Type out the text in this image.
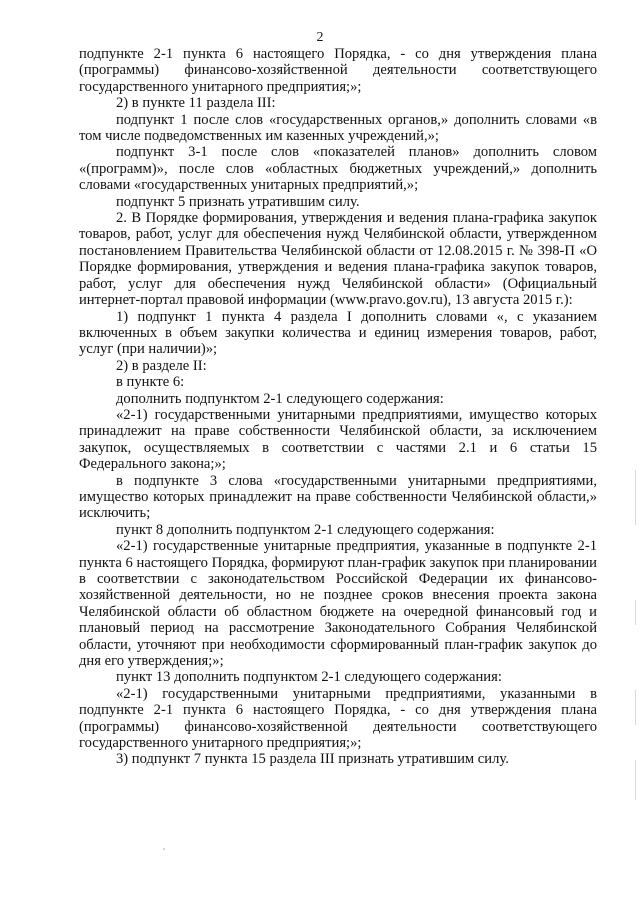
2

подпункте 2-1 пункта 6 настоящего Порядка, - со дня утверждения плана (программы) финансово-хозяйственной деятельности соответствующего государственного унитарного предприятия;»;

2) в пункте 11 раздела III:

подпункт 1 после слов «государственных органов,» дополнить словами «в том числе подведомственных им казенных учреждений,»;

подпункт 3-1 после слов «показателей планов» дополнить словом «(программ)», после слов «областных бюджетных учреждений,» дополнить словами «государственных унитарных предприятий,»;

подпункт 5 признать утратившим силу.

2. В Порядке формирования, утверждения и ведения плана-графика закупок товаров, работ, услуг для обеспечения нужд Челябинской области, утвержденном постановлением Правительства Челябинской области от 12.08.2015 г. № 398-П «О Порядке формирования, утверждения и ведения плана-графика закупок товаров, работ, услуг для обеспечения нужд Челябинской области» (Официальный интернет-портал правовой информации (www.pravo.gov.ru), 13 августа 2015 г.):

1) подпункт 1 пункта 4 раздела I дополнить словами «, с указанием включенных в объем закупки количества и единиц измерения товаров, работ, услуг (при наличии)»;

2) в разделе II:

в пункте 6:

дополнить подпунктом 2-1 следующего содержания:

«2-1) государственными унитарными предприятиями, имущество которых принадлежит на праве собственности Челябинской области, за исключением закупок, осуществляемых в соответствии с частями 2.1 и 6 статьи 15 Федерального закона;»;

в подпункте 3 слова «государственными унитарными предприятиями, имущество которых принадлежит на праве собственности Челябинской области,» исключить;

пункт 8 дополнить подпунктом 2-1 следующего содержания:

«2-1) государственные унитарные предприятия, указанные в подпункте 2-1 пункта 6 настоящего Порядка, формируют план-график закупок при планировании в соответствии с законодательством Российской Федерации их финансово-хозяйственной деятельности, но не позднее сроков внесения проекта закона Челябинской области об областном бюджете на очередной финансовый год и плановый период на рассмотрение Законодательного Собрания Челябинской области, уточняют при необходимости сформированный план-график закупок до дня его утверждения;»;

пункт 13 дополнить подпунктом 2-1 следующего содержания:

«2-1) государственными унитарными предприятиями, указанными в подпункте 2-1 пункта 6 настоящего Порядка, - со дня утверждения плана (программы) финансово-хозяйственной деятельности соответствующего государственного унитарного предприятия;»;

3) подпункт 7 пункта 15 раздела III признать утратившим силу.
